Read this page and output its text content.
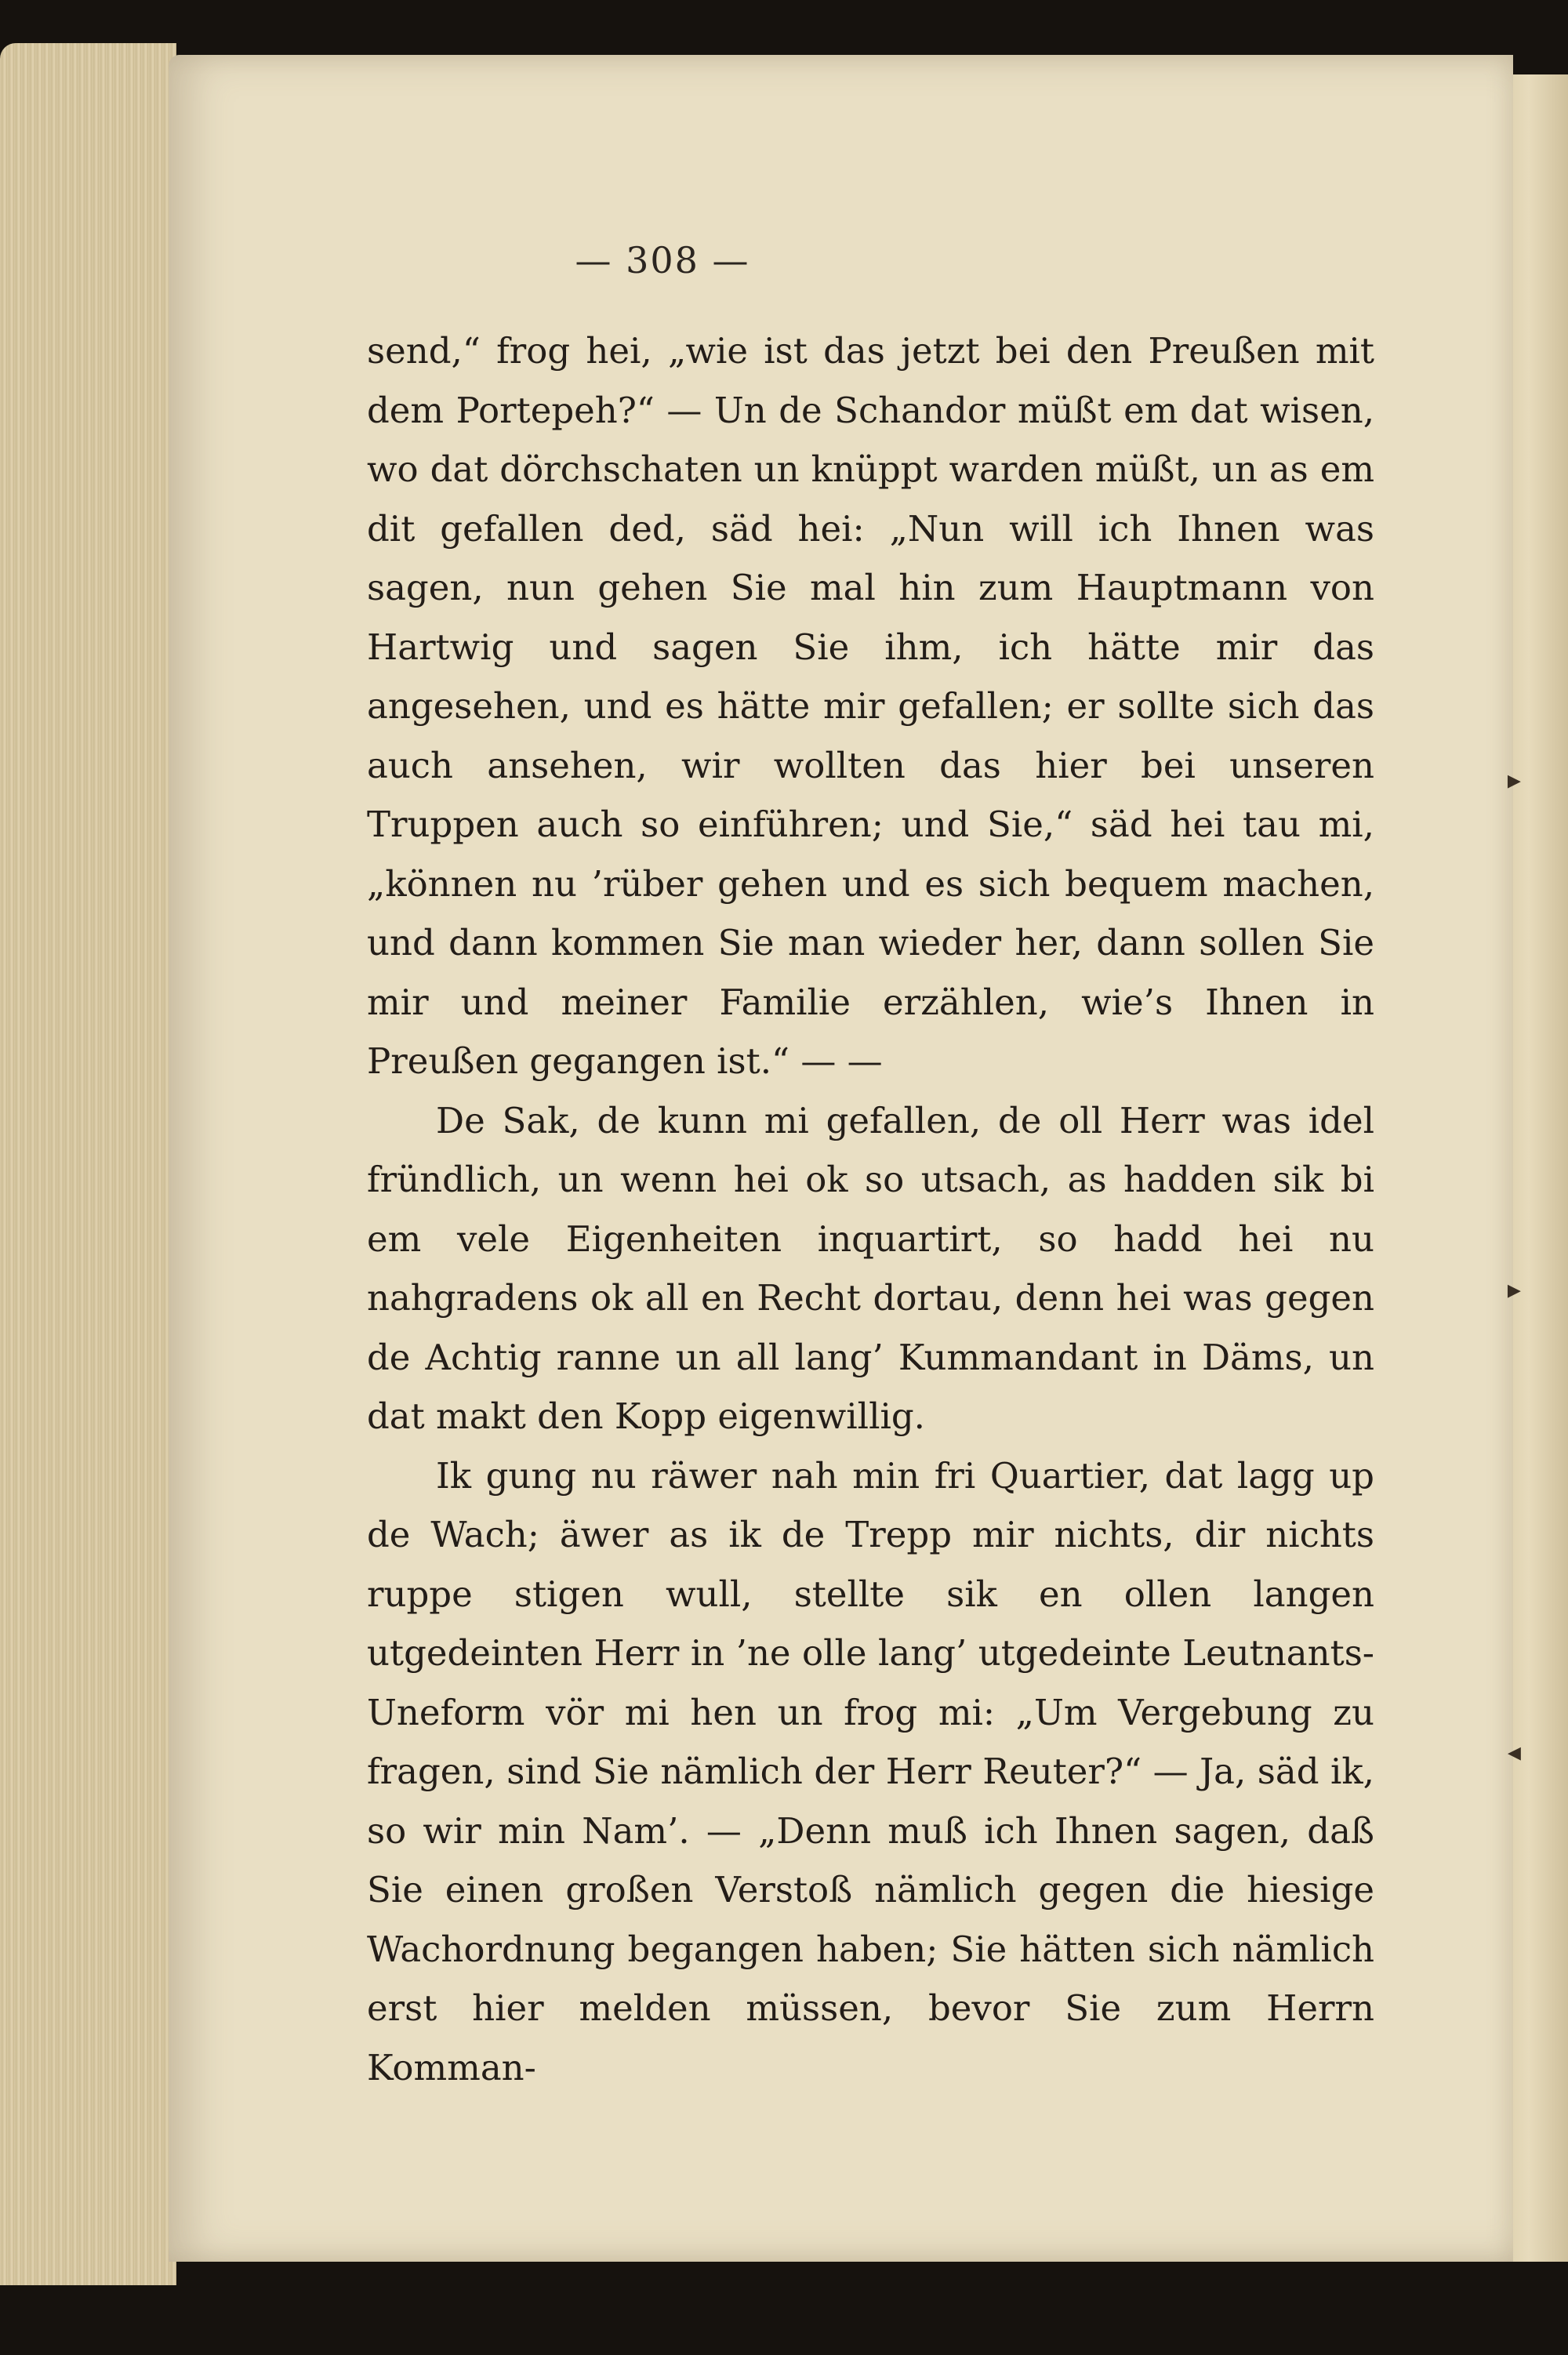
— 308 —

send,“ frog hei, „wie ist das jetzt bei den Preußen mit dem Portepeh?“ — Un de Schandor müßt em dat wisen, wo dat dörchschaten un knüppt warden müßt, un as em dit gefallen ded, säd hei: „Nun will ich Ihnen was sagen, nun gehen Sie mal hin zum Hauptmann von Hartwig und sagen Sie ihm, ich hätte mir das angesehen, und es hätte mir gefallen; er sollte sich das auch ansehen, wir wollten das hier bei unseren Truppen auch so einführen; und Sie,“ säd hei tau mi, „können nu ’rüber gehen und es sich bequem machen, und dann kommen Sie man wieder her, dann sollen Sie mir und meiner Familie erzählen, wie’s Ihnen in Preußen gegangen ist.“ — —

De Sak, de kunn mi gefallen, de oll Herr was idel fründlich, un wenn hei ok so utsach, as hadden sik bi em vele Eigenheiten inquartirt, so hadd hei nu nahgradens ok all en Recht dortau, denn hei was gegen de Achtig ranne un all lang’ Kummandant in Däms, un dat makt den Kopp eigenwillig.

Ik gung nu räwer nah min fri Quartier, dat lagg up de Wach; äwer as ik de Trepp mir nichts, dir nichts ruppe stigen wull, stellte sik en ollen langen utgedeinten Herr in ’ne olle lang’ utgedeinte Leutnants-Uneform vör mi hen un frog mi: „Um Vergebung zu fragen, sind Sie nämlich der Herr Reuter?“ — Ja, säd ik, so wir min Nam’. — „Denn muß ich Ihnen sagen, daß Sie einen großen Verstoß nämlich gegen die hiesige Wachordnung begangen haben; Sie hätten sich nämlich erst hier melden müssen, bevor Sie zum Herrn Komman-

▸
▸
◂
